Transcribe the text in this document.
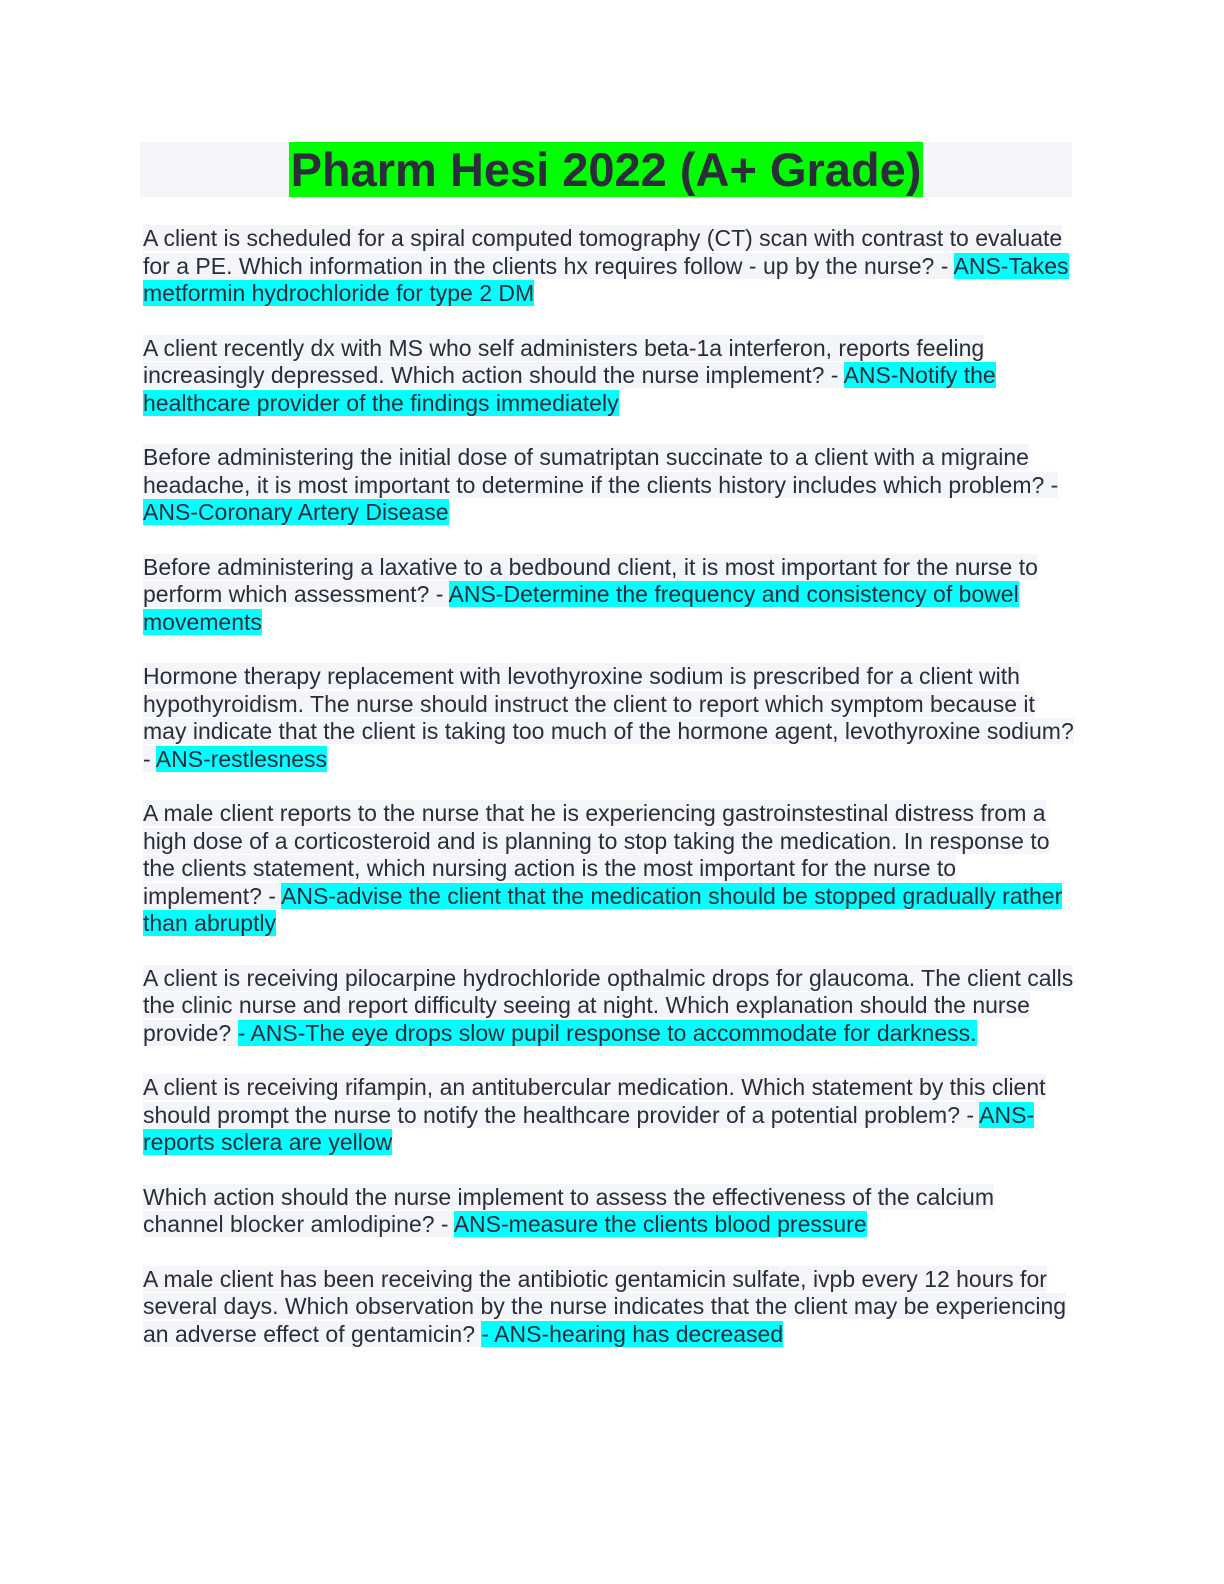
Pharm Hesi 2022 (A+ Grade)

A client is scheduled for a spiral computed tomography (CT) scan with contrast to evaluate for a PE. Which information in the clients hx requires follow - up by the nurse? - ANS-Takes metformin hydrochloride for type 2 DM

A client recently dx with MS who self administers beta-1a interferon, reports feeling increasingly depressed. Which action should the nurse implement? - ANS-Notify the healthcare provider of the findings immediately

Before administering the initial dose of sumatriptan succinate to a client with a migraine headache, it is most important to determine if the clients history includes which problem? - ANS-Coronary Artery Disease

Before administering a laxative to a bedbound client, it is most important for the nurse to perform which assessment? - ANS-Determine the frequency and consistency of bowel movements

Hormone therapy replacement with levothyroxine sodium is prescribed for a client with hypothyroidism. The nurse should instruct the client to report which symptom because it may indicate that the client is taking too much of the hormone agent, levothyroxine sodium? - ANS-restlesness

A male client reports to the nurse that he is experiencing gastroinstestinal distress from a high dose of a corticosteroid and is planning to stop taking the medication. In response to the clients statement, which nursing action is the most important for the nurse to implement? - ANS-advise the client that the medication should be stopped gradually rather than abruptly

A client is receiving pilocarpine hydrochloride opthalmic drops for glaucoma. The client calls the clinic nurse and report difficulty seeing at night. Which explanation should the nurse provide? - ANS-The eye drops slow pupil response to accommodate for darkness.

A client is receiving rifampin, an antitubercular medication. Which statement by this client should prompt the nurse to notify the healthcare provider of a potential problem? - ANS-reports sclera are yellow

Which action should the nurse implement to assess the effectiveness of the calcium channel blocker amlodipine? - ANS-measure the clients blood pressure

A male client has been receiving the antibiotic gentamicin sulfate, ivpb every 12 hours for several days. Which observation by the nurse indicates that the client may be experiencing an adverse effect of gentamicin? - ANS-hearing has decreased
